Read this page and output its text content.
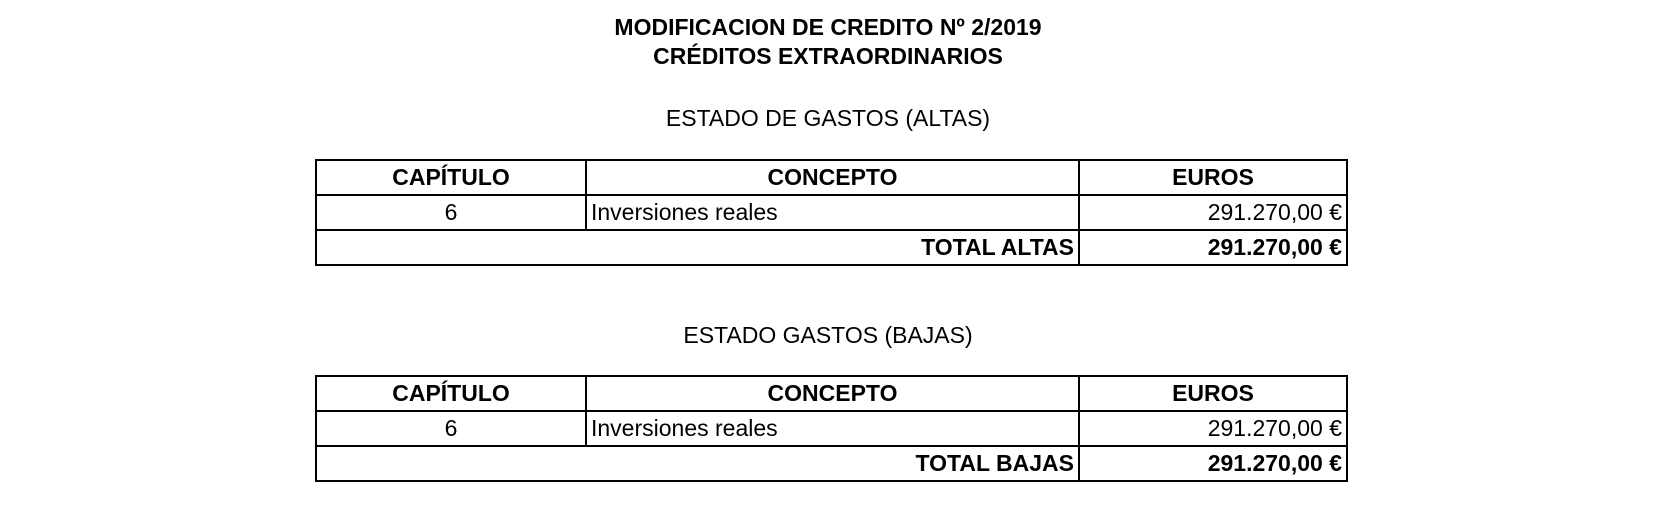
MODIFICACION DE CREDITO Nº 2/2019
CRÉDITOS EXTRAORDINARIOS
ESTADO DE GASTOS (ALTAS)
CAPÍTULO	CONCEPTO	EUROS
6	Inversiones reales	291.270,00 €
TOTAL ALTAS		291.270,00 €
ESTADO GASTOS (BAJAS)
CAPÍTULO	CONCEPTO	EUROS
6	Inversiones reales	291.270,00 €
TOTAL BAJAS		291.270,00 €
